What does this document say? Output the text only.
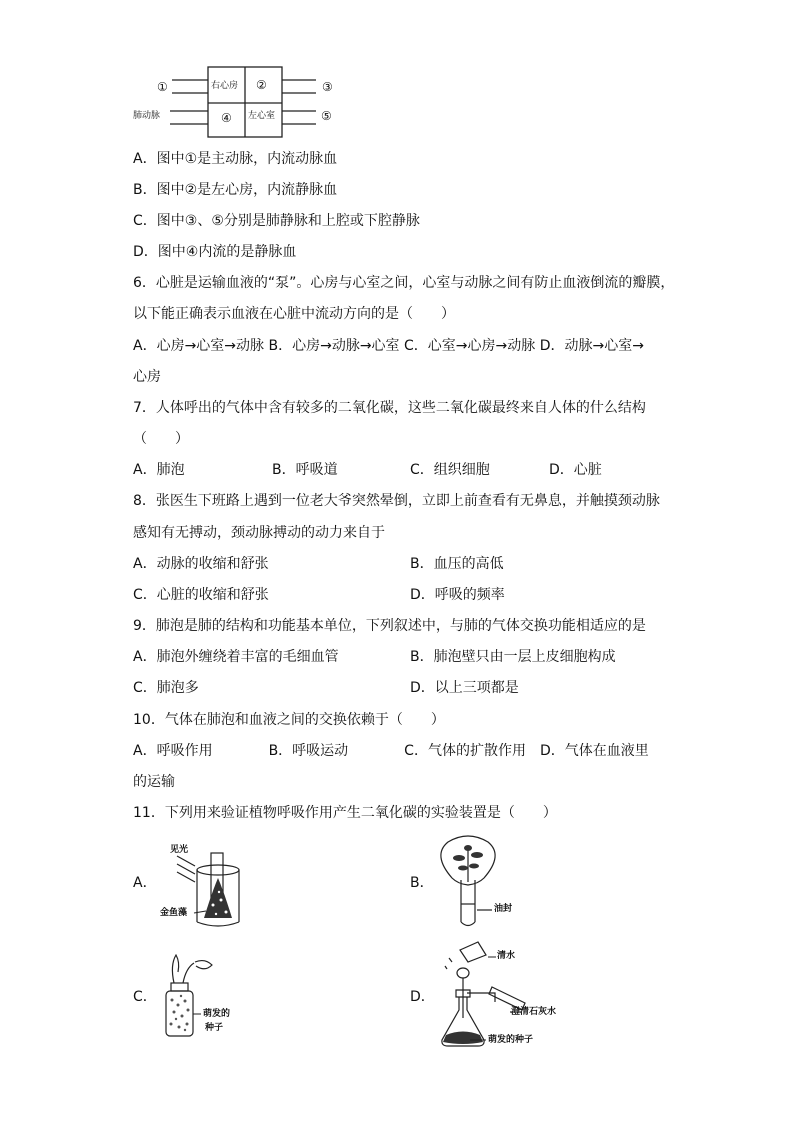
①	②	③
④	⑤
右心房
左心室
肺动脉
A．图中①是主动脉，内流动脉血
B．图中②是左心房，内流静脉血
C．图中③、⑤分别是肺静脉和上腔或下腔静脉
D．图中④内流的是静脉血
6．心脏是运输血液的“泵”。心房与心室之间，心室与动脉之间有防止血液倒流的瓣膜，
以下能正确表示血液在心脏中流动方向的是（　　）
A．心房→心室→动脉 B．心房→动脉→心室 C．心室→心房→动脉 D．动脉→心室→
心房
7．人体呼出的气体中含有较多的二氧化碳，这些二氧化碳最终来自人体的什么结构
（　　）
A．肺泡	B．呼吸道	C．组织细胞	D．心脏
8．张医生下班路上遇到一位老大爷突然晕倒，立即上前查看有无鼻息，并触摸颈动脉
感知有无搏动，颈动脉搏动的动力来自于
A．动脉的收缩和舒张	B．血压的高低
C．心脏的收缩和舒张	D．呼吸的频率
9．肺泡是肺的结构和功能基本单位，下列叙述中，与肺的气体交换功能相适应的是
A．肺泡外缠绕着丰富的毛细血管	B．肺泡壁只由一层上皮细胞构成
C．肺泡多	D．以上三项都是
10．气体在肺泡和血液之间的交换依赖于（　　）
A．呼吸作用　　　　B．呼吸运动　　　　C．气体的扩散作用　D．气体在血液里
的运输
11．下列用来验证植物呼吸作用产生二氧化碳的实验装置是（　　）
A．
见光
金鱼藻
B．
油封
C．
萌发的
种子
D．
清水
澄清石灰水
萌发的种子
